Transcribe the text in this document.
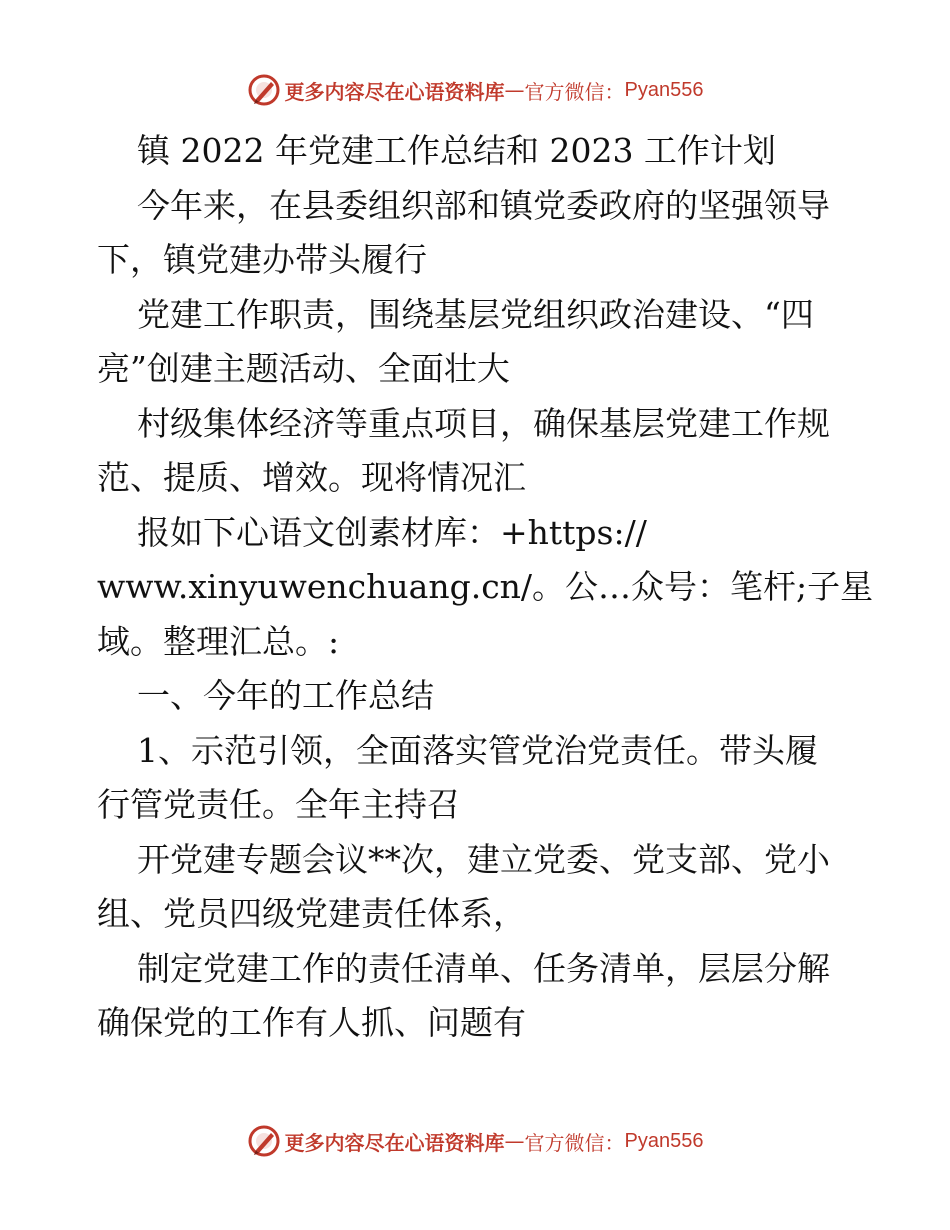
更多内容尽在心语资料库 — 官方微信： Pyan556
镇 2022 年党建工作总结和 2023 工作计划
今年来，在县委组织部和镇党委政府的坚强领导
下，镇党建办带头履行
党建工作职责，围绕基层党组织政治建设、“四
亮”创建主题活动、全面壮大
村级集体经济等重点项目，确保基层党建工作规
范、提质、增效。现将情况汇
报如下心语文创素材库：+https://
www.xinyuwenchuang.cn/。公…众号：笔杆;子星
域。整理汇总。:
一、今年的工作总结
1、示范引领，全面落实管党治党责任。带头履
行管党责任。全年主持召
开党建专题会议**次，建立党委、党支部、党小
组、党员四级党建责任体系，
制定党建工作的责任清单、任务清单，层层分解
确保党的工作有人抓、问题有
更多内容尽在心语资料库 — 官方微信： Pyan556
